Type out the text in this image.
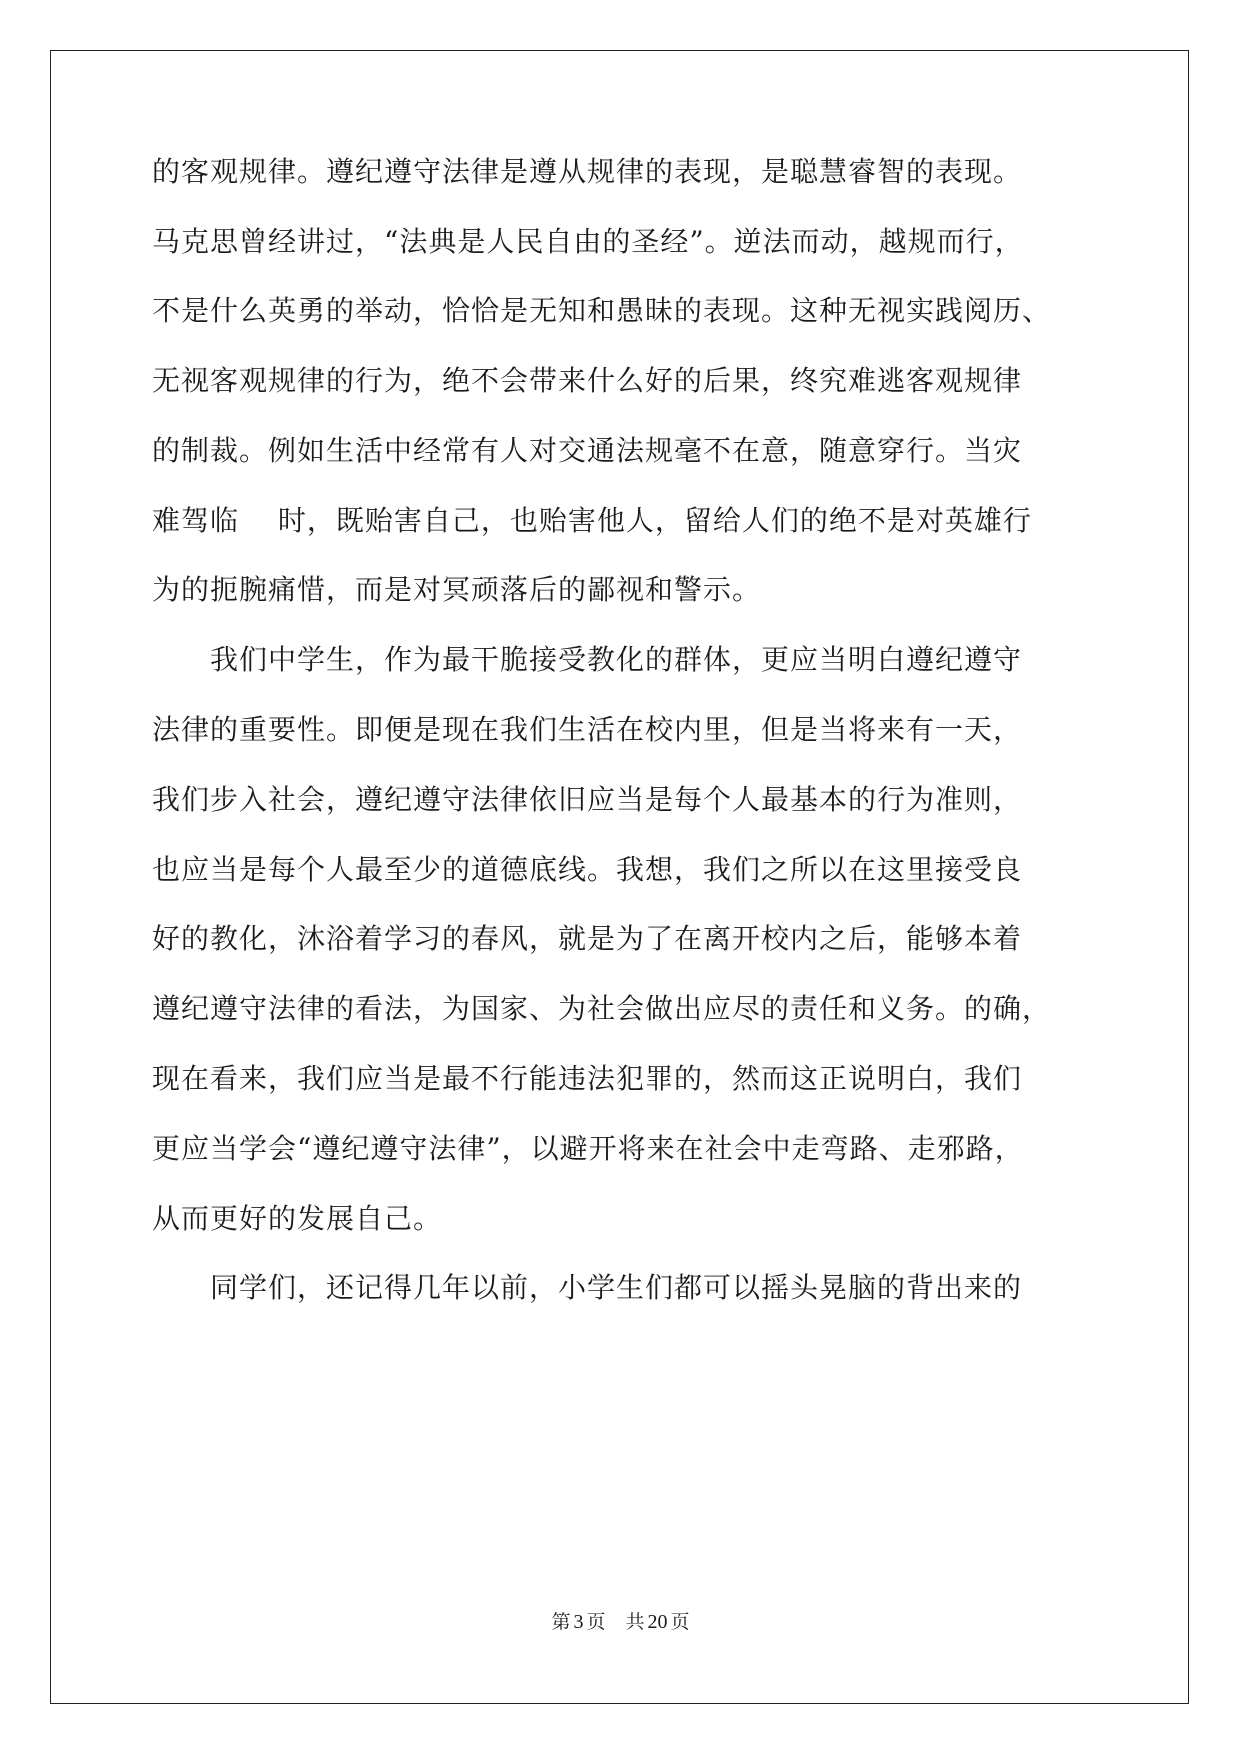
的客观规律。遵纪遵守法律是遵从规律的表现，是聪慧睿智的表现。
马克思曾经讲过，“法典是人民自由的圣经”。逆法而动，越规而行，
不是什么英勇的举动，恰恰是无知和愚昧的表现。这种无视实践阅历、
无视客观规律的行为，绝不会带来什么好的后果，终究难逃客观规律
的制裁。例如生活中经常有人对交通法规毫不在意，随意穿行。当灾
难驾临　 时，既贻害自己，也贻害他人，留给人们的绝不是对英雄行
为的扼腕痛惜，而是对冥顽落后的鄙视和警示。
　　我们中学生，作为最干脆接受教化的群体，更应当明白遵纪遵守
法律的重要性。即便是现在我们生活在校内里，但是当将来有一天，
我们步入社会，遵纪遵守法律依旧应当是每个人最基本的行为准则，
也应当是每个人最至少的道德底线。我想，我们之所以在这里接受良
好的教化，沐浴着学习的春风，就是为了在离开校内之后，能够本着
遵纪遵守法律的看法，为国家、为社会做出应尽的责任和义务。的确，
现在看来，我们应当是最不行能违法犯罪的，然而这正说明白，我们
更应当学会“遵纪遵守法律”，以避开将来在社会中走弯路、走邪路，
从而更好的发展自己。
　　同学们，还记得几年以前，小学生们都可以摇头晃脑的背出来的
第 3 页 共 20 页
